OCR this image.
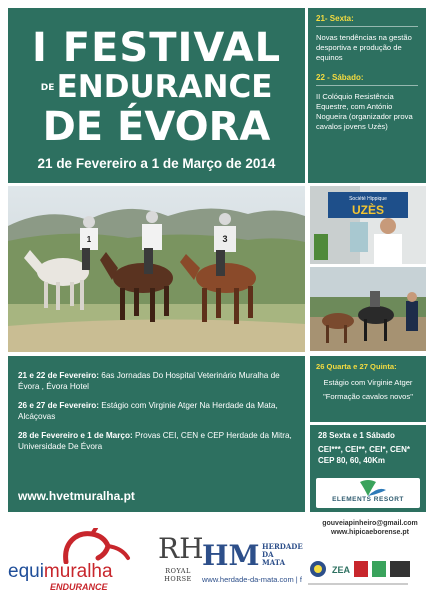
I FESTIVAL
DEENDURANCE
DE ÉVORA
21 de Fevereiro a 1 de Março de 2014
21- Sexta:
Novas tendências na gestão desportiva e produção de equinos
22 - Sábado:
II Colóquio Resistência Equestre, com António Nogueira (organizador prova cavalos jovens Uzès)
1	3
Société Hippique
UZÈS
21 e 22 de Fevereiro: 6as Jornadas Do Hospital Veterinário Muralha de Évora , Évora Hotel
26 e 27 de Fevereiro: Estágio com Virginie Atger Na Herdade da Mata, Alcáçovas
28 de Fevereiro e 1 de Março: Provas CEI, CEN e CEP Herdade da Mitra, Universidade De Évora
www.hvetmuralha.pt
26 Quarta e 27 Quinta:
Estágio com Virginie Atger
"Formação cavalos novos"
28 Sexta e 1 Sábado
CEI***, CEI**, CEI*, CEN*
CEP 80, 60, 40Km
ELEMENTS RESORT
gouveiapinheiro@gmail.com
www.hipicaeborense.pt
equimuralha
ENDURANCE
RH
ROYAL
HORSE
HM HERDADE
DA
MATA
www.herdade-da-mata.com | f
ZEA
